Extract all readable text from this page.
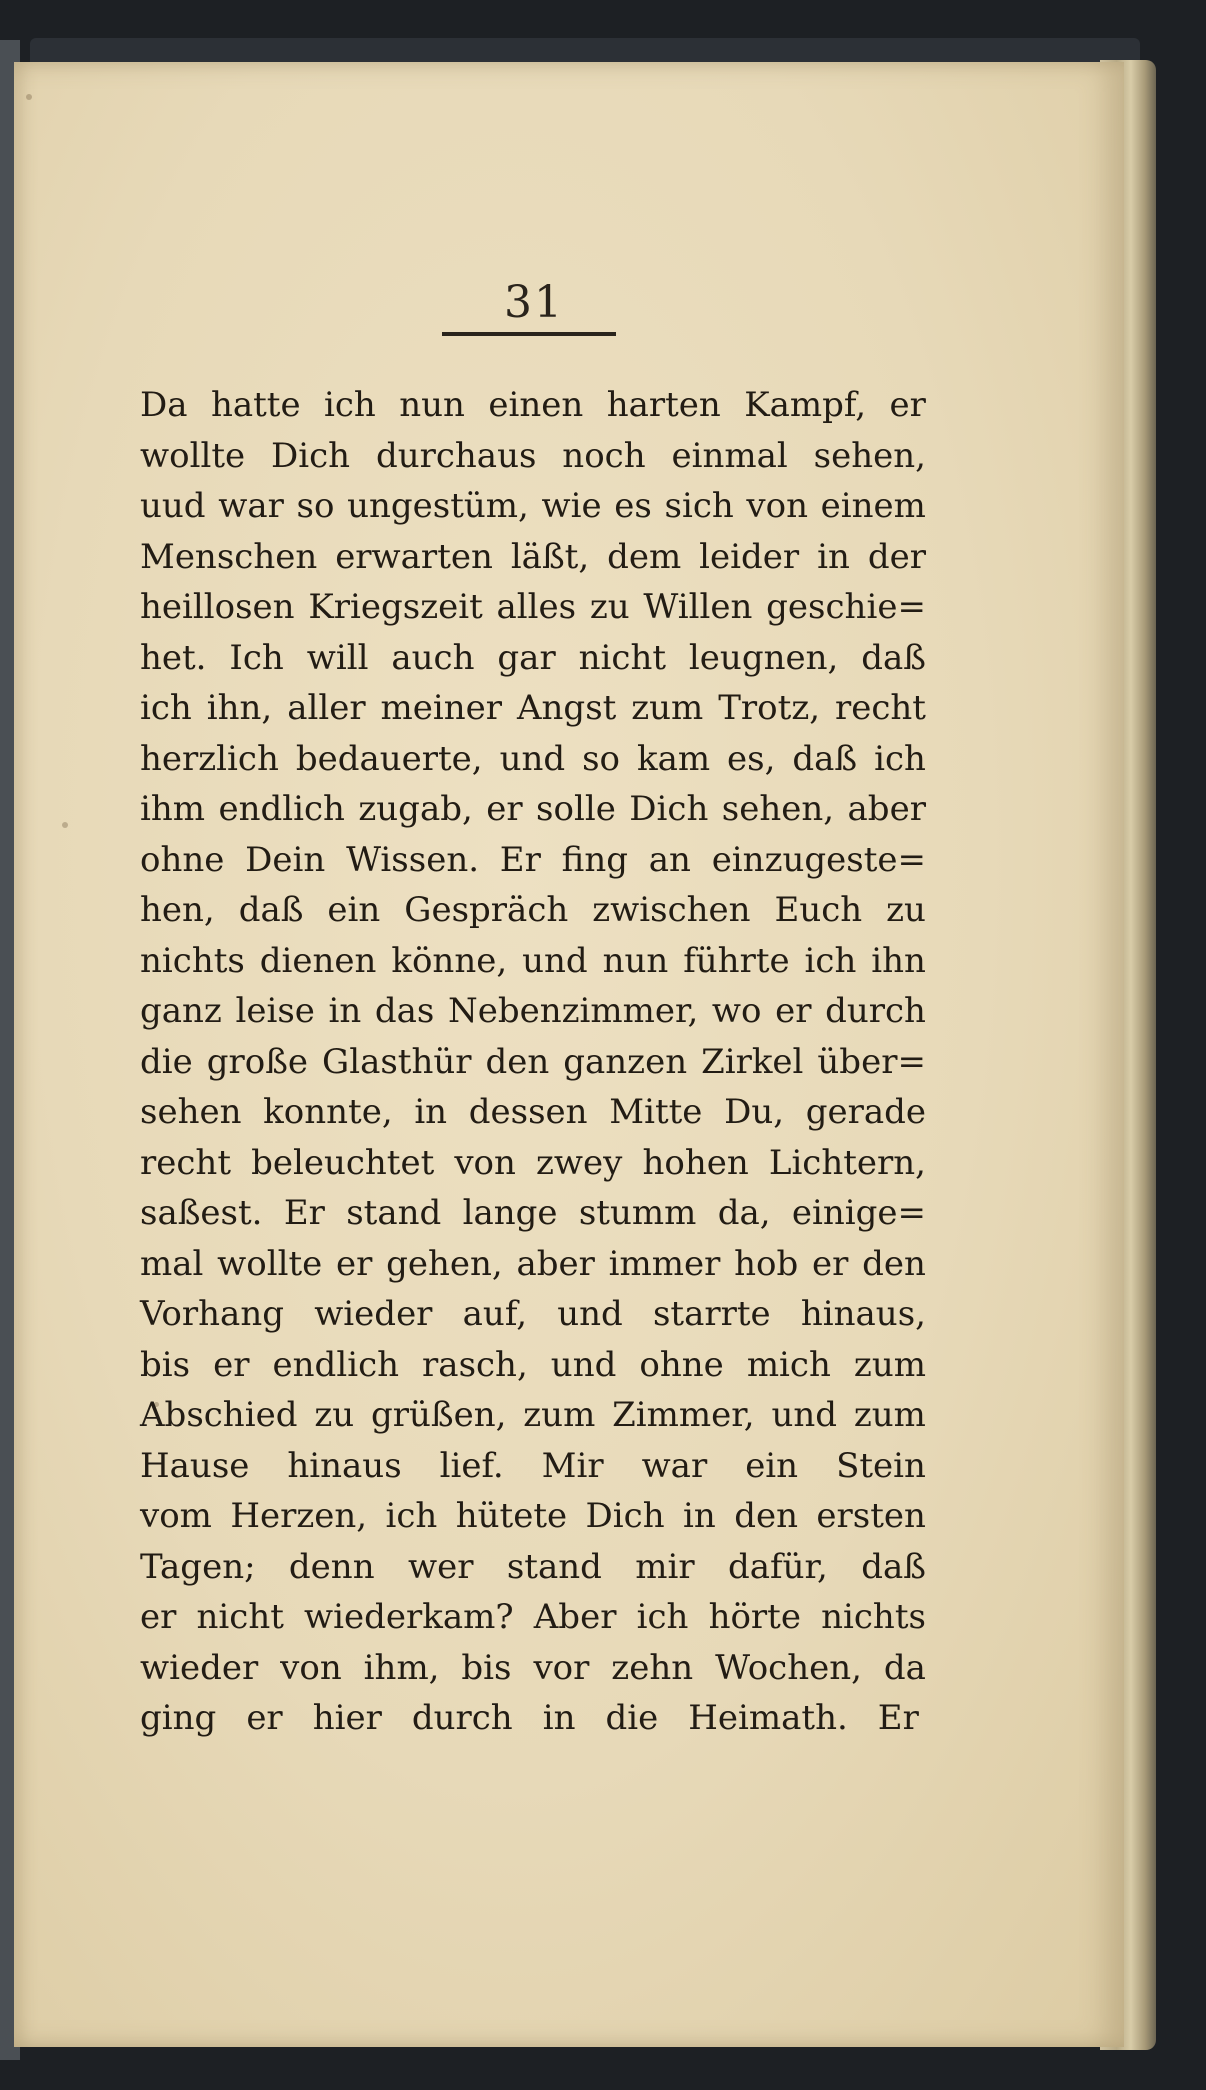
31
Da hatte ich nun einen harten Kampf, er
wollte Dich durchaus noch einmal sehen,
uud war so ungestüm, wie es sich von einem
Menschen erwarten läßt, dem leider in der
heillosen Kriegszeit alles zu Willen geschie=
het. Ich will auch gar nicht leugnen, daß
ich ihn, aller meiner Angst zum Trotz, recht
herzlich bedauerte, und so kam es, daß ich
ihm endlich zugab, er solle Dich sehen, aber
ohne Dein Wissen. Er fing an einzugeste=
hen, daß ein Gespräch zwischen Euch zu
nichts dienen könne, und nun führte ich ihn
ganz leise in das Nebenzimmer, wo er durch
die große Glasthür den ganzen Zirkel über=
sehen konnte, in dessen Mitte Du, gerade
recht beleuchtet von zwey hohen Lichtern,
saßest. Er stand lange stumm da, einige=
mal wollte er gehen, aber immer hob er den
Vorhang wieder auf, und starrte hinaus,
bis er endlich rasch, und ohne mich zum
Abschied zu grüßen, zum Zimmer, und zum
Hause hinaus lief. Mir war ein Stein
vom Herzen, ich hütete Dich in den ersten
Tagen; denn wer stand mir dafür, daß
er nicht wiederkam? Aber ich hörte nichts
wieder von ihm, bis vor zehn Wochen, da
ging er hier durch in die Heimath. Er
